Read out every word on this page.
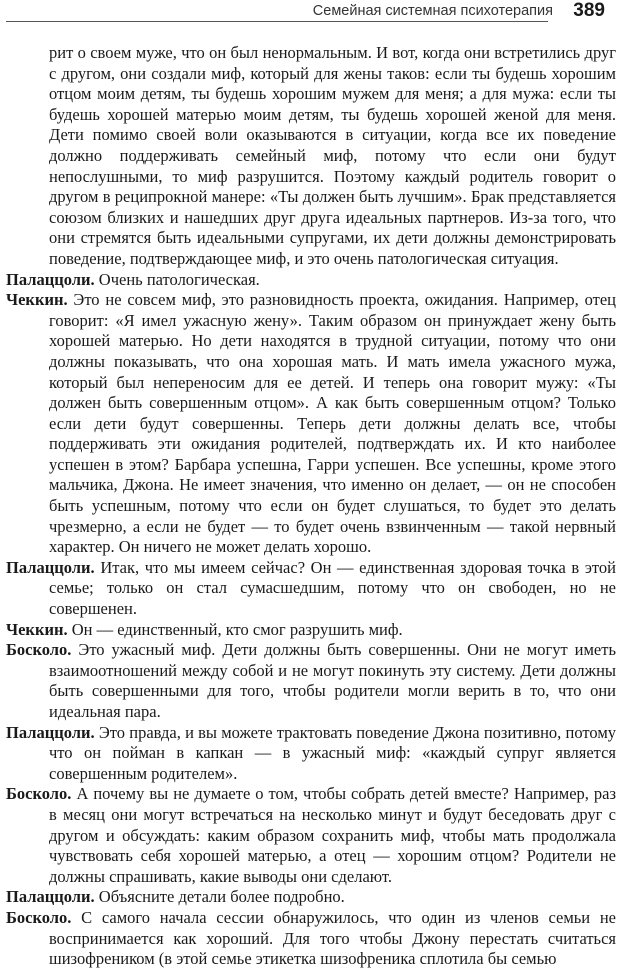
Семейная системная психотерапия 389

рит о своем муже, что он был ненормальным. И вот, когда они встретились друг с другом, они создали миф, который для жены таков: если ты будешь хорошим отцом моим детям, ты будешь хорошим мужем для меня; а для мужа: если ты будешь хорошей матерью моим детям, ты будешь хорошей женой для меня. Дети помимо своей воли оказываются в ситуации, когда все их поведение должно поддерживать семейный миф, потому что если они будут непослушными, то миф разрушится. Поэтому каждый родитель говорит о другом в реципрокной манере: «Ты должен быть лучшим». Брак представляется союзом близких и нашедших друг друга идеальных партнеров. Из-за того, что они стремятся быть идеальными супругами, их дети должны демонстрировать поведение, подтверждающее миф, и это очень патологическая ситуация.

Палаццоли. Очень патологическая.

Чеккин. Это не совсем миф, это разновидность проекта, ожидания. Например, отец говорит: «Я имел ужасную жену». Таким образом он принуждает жену быть хорошей матерью. Но дети находятся в трудной ситуации, потому что они должны показывать, что она хорошая мать. И мать имела ужасного мужа, который был непереносим для ее детей. И теперь она говорит мужу: «Ты должен быть совершенным отцом». А как быть совершенным отцом? Только если дети будут совершенны. Теперь дети должны делать все, чтобы поддерживать эти ожидания родителей, подтверждать их. И кто наиболее успешен в этом? Барбара успешна, Гарри успешен. Все успешны, кроме этого мальчика, Джона. Не имеет значения, что именно он делает, — он не способен быть успешным, потому что если он будет слушаться, то будет это делать чрезмерно, а если не будет — то будет очень взвинченным — такой нервный характер. Он ничего не может делать хорошо.

Палаццоли. Итак, что мы имеем сейчас? Он — единственная здоровая точка в этой семье; только он стал сумасшедшим, потому что он свободен, но не совершенен.

Чеккин. Он — единственный, кто смог разрушить миф.

Босколо. Это ужасный миф. Дети должны быть совершенны. Они не могут иметь взаимоотношений между собой и не могут покинуть эту систему. Дети должны быть совершенными для того, чтобы родители могли верить в то, что они идеальная пара.

Палаццоли. Это правда, и вы можете трактовать поведение Джона позитивно, потому что он пойман в капкан — в ужасный миф: «каждый супруг является совершенным родителем».

Босколо. А почему вы не думаете о том, чтобы собрать детей вместе? Например, раз в месяц они могут встречаться на несколько минут и будут беседовать друг с другом и обсуждать: каким образом сохранить миф, чтобы мать продолжала чувствовать себя хорошей матерью, а отец — хорошим отцом? Родители не должны спрашивать, какие выводы они сделают.

Палаццоли. Объясните детали более подробно.

Босколо. С самого начала сессии обнаружилось, что один из членов семьи не воспринимается как хороший. Для того чтобы Джону перестать считаться шизофреником (в этой семье этикетка шизофреника сплотила бы семью
